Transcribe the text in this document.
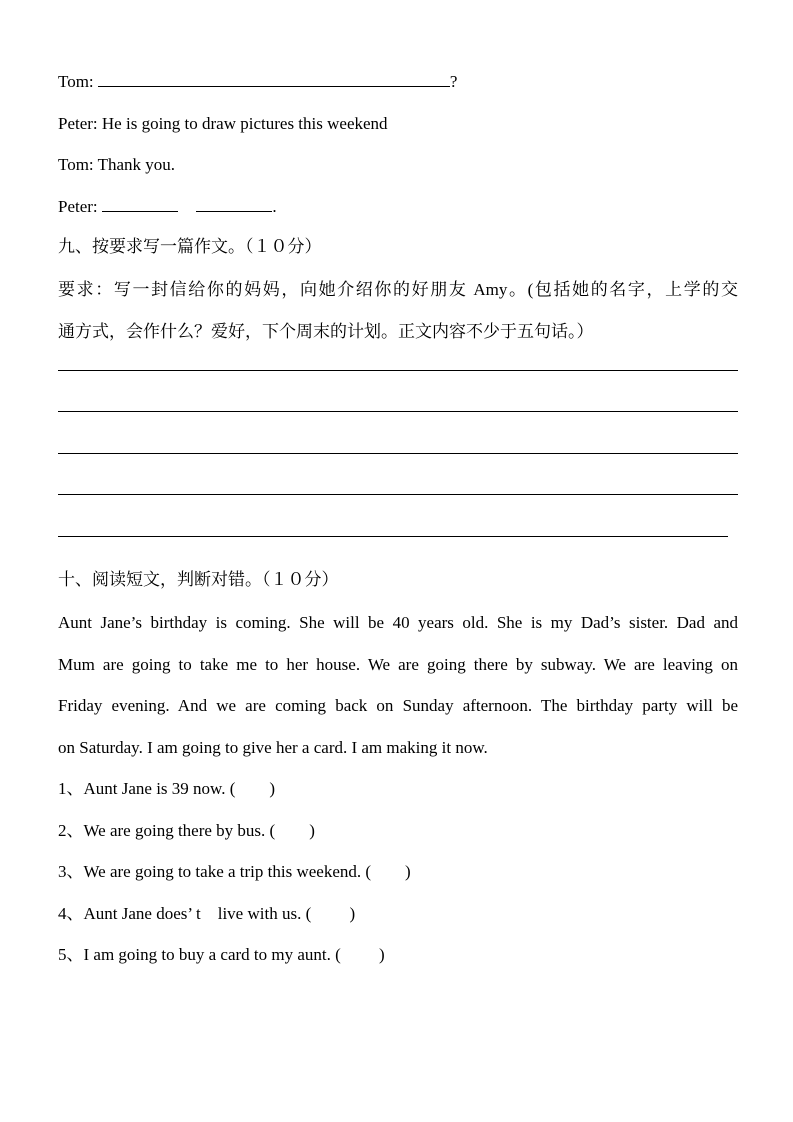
Tom:	?
Peter: He is going to draw pictures this weekend
Tom: Thank you.
Peter:	.
九、按要求写一篇作文。（１０分）
要求：写一封信给你的妈妈，向她介绍你的好朋友 Amy。(包括她的名字，上学的交
通方式，会作什么？爱好，下个周末的计划。正文内容不少于五句话。）
十、阅读短文，判断对错。（１０分）
Aunt Jane’s birthday is coming. She will be 40 years old. She is my Dad’s sister. Dad and
Mum are going to take me to her house. We are going there by subway. We are leaving on
Friday evening. And we are coming back on Sunday afternoon. The birthday party will be
on Saturday. I am going to give her a card. I am making it now.
1、Aunt Jane is 39 now. (　　)
2、We are going there by bus. (　　)
3、We are going to take a trip this weekend. (　　)
4、Aunt Jane does’ t　live with us. (　　 )
5、I am going to buy a card to my aunt. (　　 )
